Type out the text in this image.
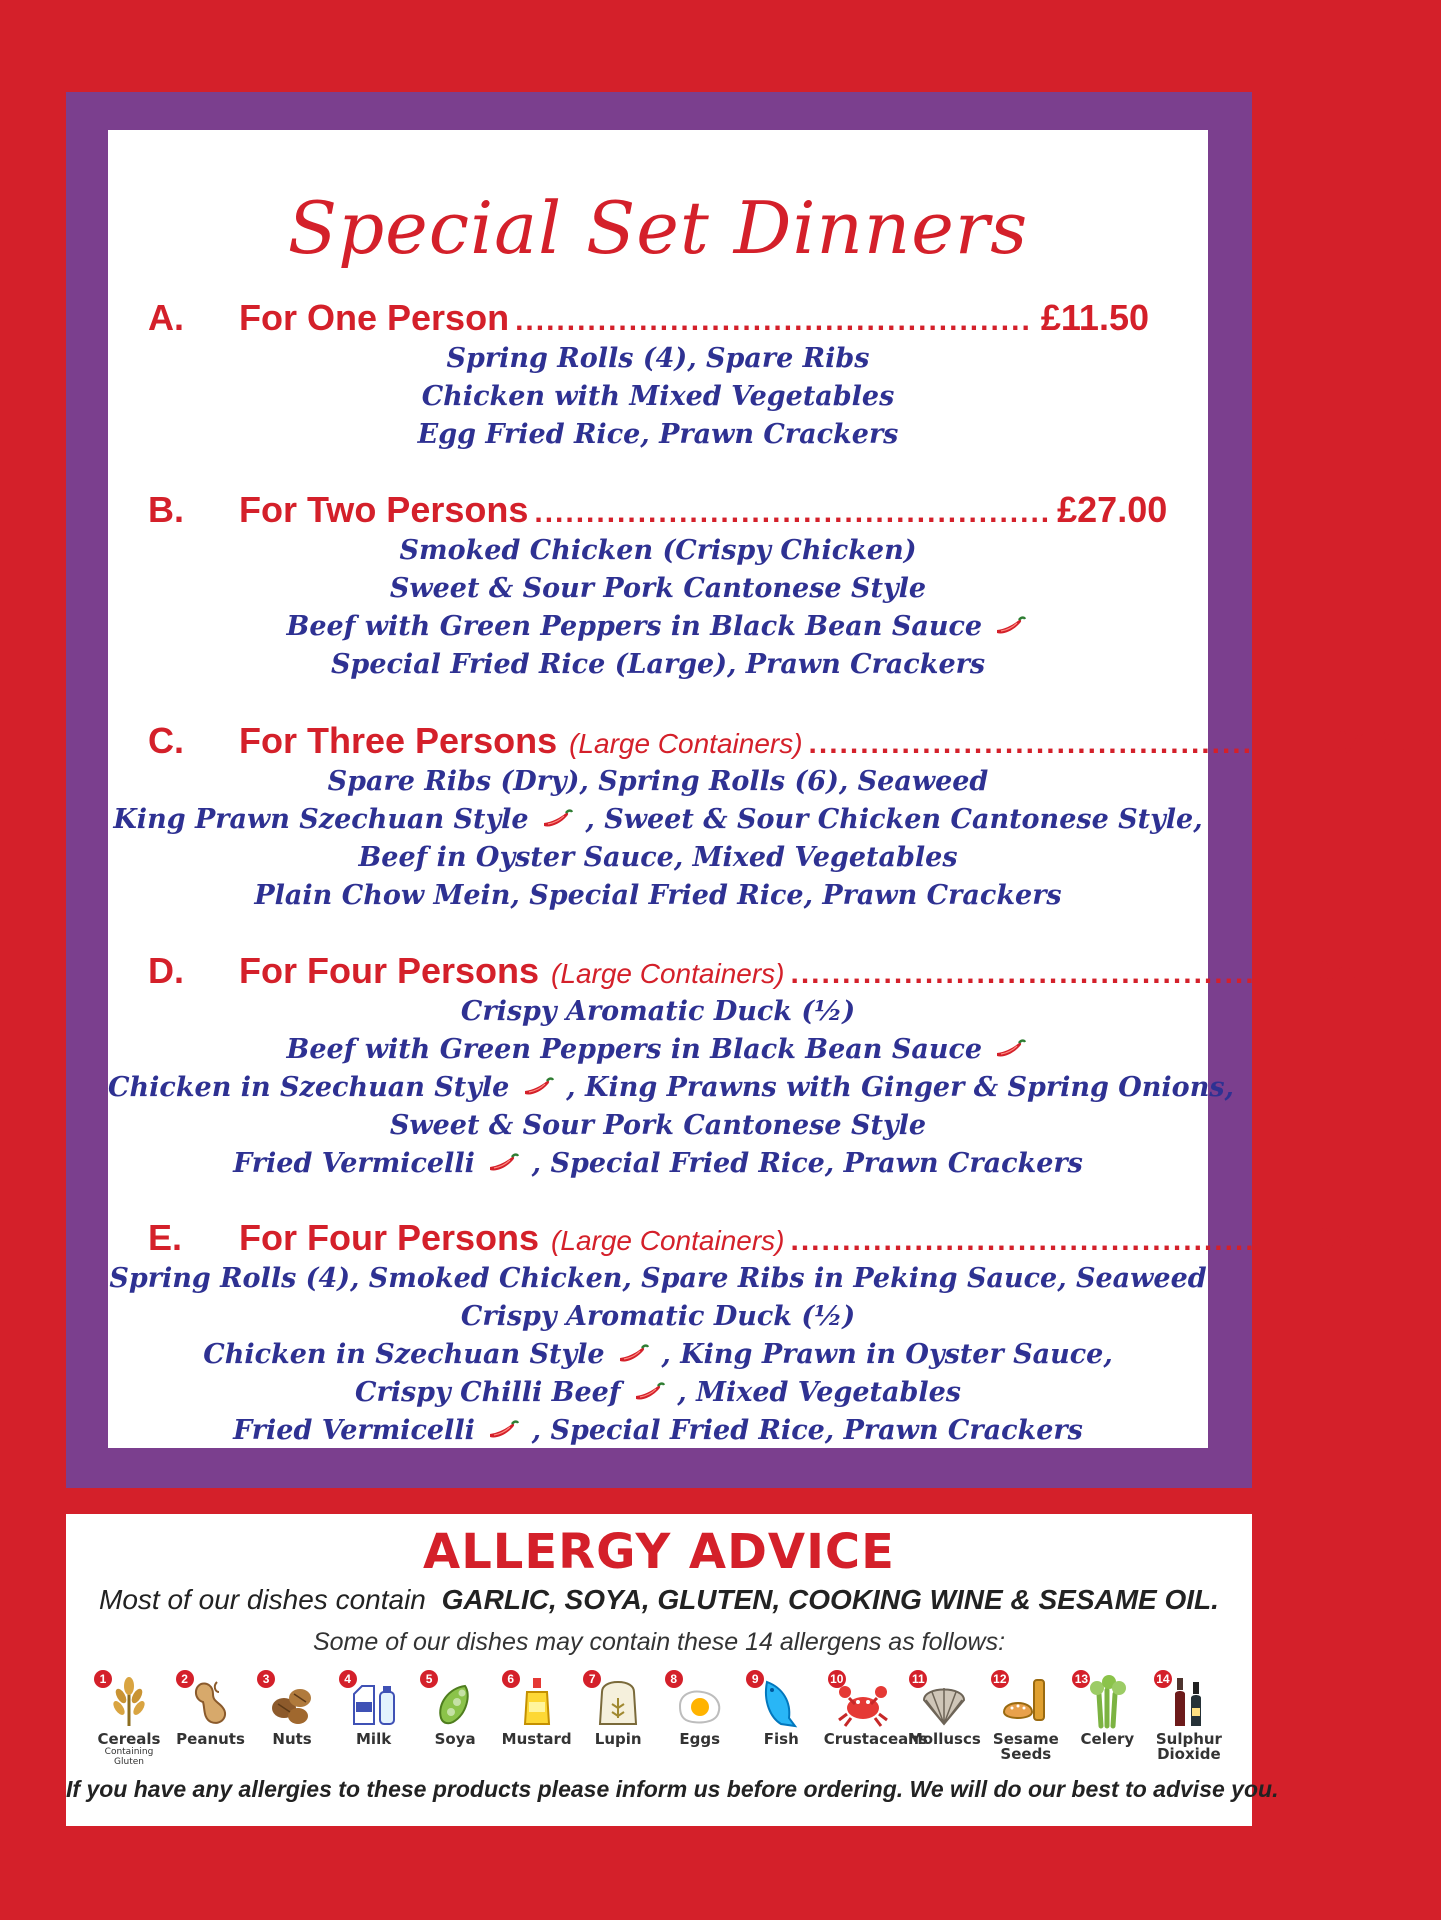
Special Set Dinners
A. For One Person .................................................. £11.50
Spring Rolls (4), Spare Ribs
Chicken with Mixed Vegetables
Egg Fried Rice, Prawn Crackers
B. For Two Persons .................................................. £27.00
Smoked Chicken (Crispy Chicken)
Sweet & Sour Pork Cantonese Style
Beef with Green Peppers in Black Bean Sauce
Special Fried Rice (Large), Prawn Crackers
C. For Three Persons (Large Containers) .................................................. £47.50
Spare Ribs (Dry), Spring Rolls (6), Seaweed
King Prawn Szechuan Style , Sweet & Sour Chicken Cantonese Style,
Beef in Oyster Sauce, Mixed Vegetables
Plain Chow Mein, Special Fried Rice, Prawn Crackers
D. For Four Persons (Large Containers) .................................................. £65.00
Crispy Aromatic Duck (½)
Beef with Green Peppers in Black Bean Sauce
Chicken in Szechuan Style , King Prawns with Ginger & Spring Onions,
Sweet & Sour Pork Cantonese Style
Fried Vermicelli , Special Fried Rice, Prawn Crackers
E. For Four Persons (Large Containers) .................................................. £80.00
Spring Rolls (4), Smoked Chicken, Spare Ribs in Peking Sauce, Seaweed
Crispy Aromatic Duck (½)
Chicken in Szechuan Style , King Prawn in Oyster Sauce,
Crispy Chilli Beef , Mixed Vegetables
Fried Vermicelli , Special Fried Rice, Prawn Crackers
ALLERGY ADVICE
Most of our dishes contain GARLIC, SOYA, GLUTEN, COOKING WINE & SESAME OIL.
Some of our dishes may contain these 14 allergens as follows:
1
Cereals
Containing Gluten
2
Peanuts
3
Nuts
4
Milk
5
Soya
6
Mustard
7
Lupin
8
Eggs
9
Fish
10
Crustaceans
11
Molluscs
12
Sesame Seeds
13
Celery
14
Sulphur Dioxide
If you have any allergies to these products please inform us before ordering. We will do our best to advise you.
